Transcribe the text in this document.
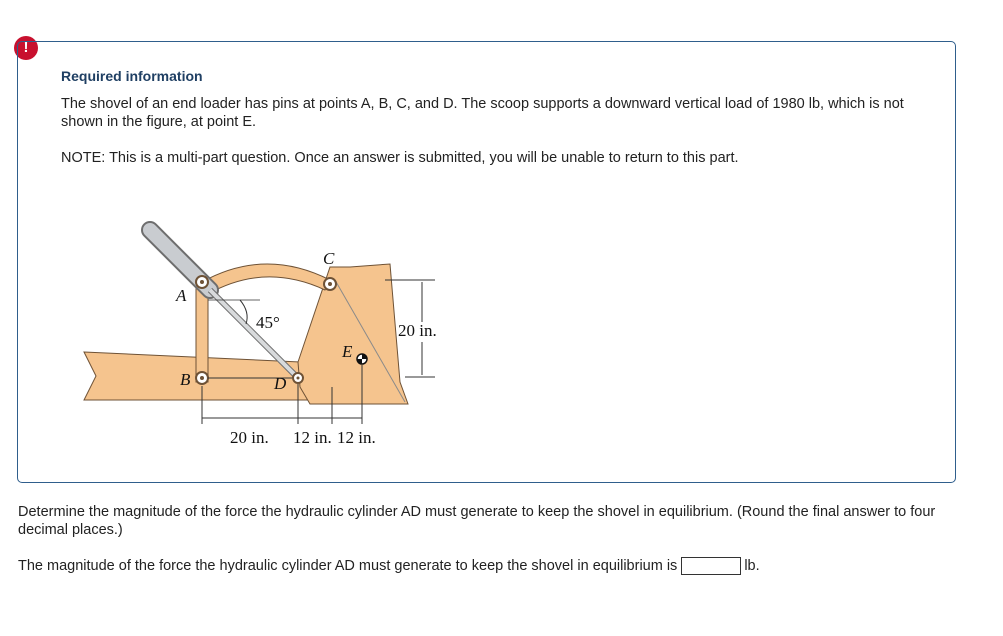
!
Required information
The shovel of an end loader has pins at points A, B, C, and D. The scoop supports a downward vertical load of 1980 lb, which is not shown in the figure, at point E.
NOTE: This is a multi-part question. Once an answer is submitted, you will be unable to return to this part.
A
B
C
D
E
45°	20 in.
20 in. 12 in. 12 in.
Determine the magnitude of the force the hydraulic cylinder AD must generate to keep the shovel in equilibrium. (Round the final answer to four decimal places.)
The magnitude of the force the hydraulic cylinder AD must generate to keep the shovel in equilibrium is	lb.
